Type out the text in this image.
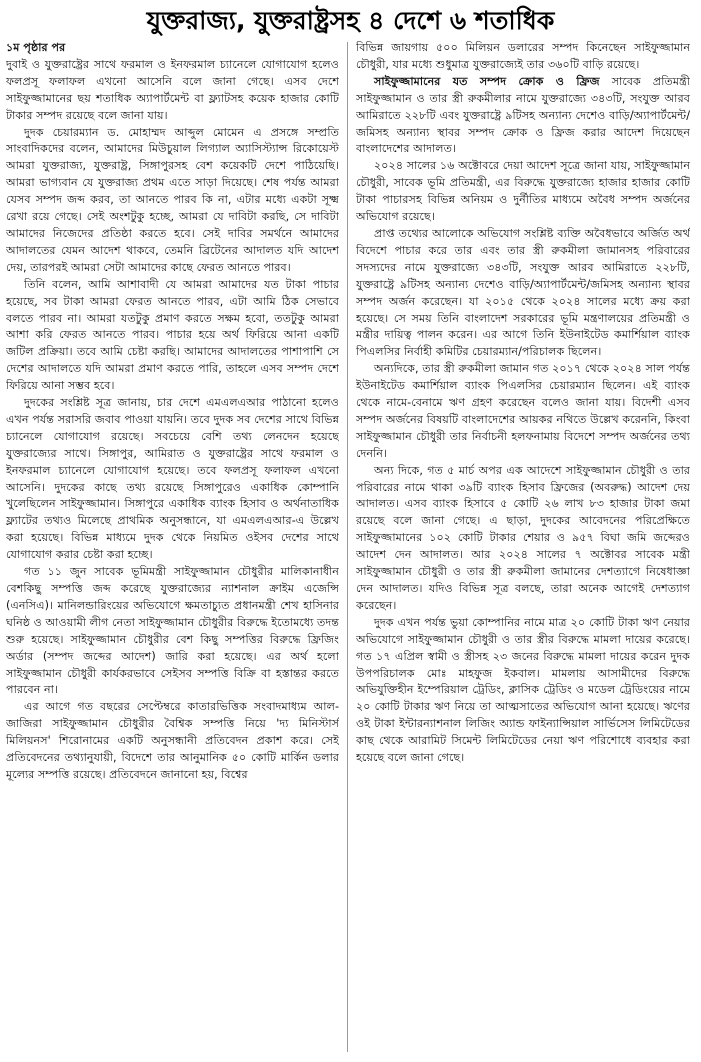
যুক্তরাজ্য, যুক্তরাষ্ট্রসহ ৪ দেশে ৬ শতাধিক

১ম পৃষ্ঠার পর

দুবাই ও যুক্তরাষ্ট্রের সাথে ফরমাল ও ইনফরমাল চ্যানেলে যোগাযোগ হলেও ফলপ্রসূ ফলাফল এখনো আসেনি বলে জানা গেছে। এসব দেশে সাইফুজ্জামানের ছয় শতাধিক অ্যাপার্টমেন্ট বা ফ্ল্যাটসহ কয়েক হাজার কোটি টাকার সম্পদ রয়েছে বলে জানা যায়।

দুদক চেয়ারম্যান ড. মোহাম্মদ আব্দুল মোমেন এ প্রসঙ্গে সম্প্রতি সাংবাদিকদের বলেন, আমাদের মিউচুয়াল লিগ্যাল অ্যাসিস্ট্যান্স রিকোয়েস্ট আমরা যুক্তরাজ্য, যুক্তরাষ্ট্র, সিঙ্গাপুরসহ বেশ কয়েকটি দেশে পাঠিয়েছি। আমরা ভাগ্যবান যে যুক্তরাজ্য প্রথম এতে সাড়া দিয়েছে। শেষ পর্যন্ত আমরা যেসব সম্পদ জব্দ করব, তা আনতে পারব কি না, এটার মধ্যে একটা সূক্ষ্ম রেখা রয়ে গেছে। সেই অংশটুকু হচ্ছে, আমরা যে দাবিটা করছি, সে দাবিটা আমাদের নিজেদের প্রতিষ্ঠা করতে হবে। সেই দাবির সমর্থনে আমাদের আদালতের যেমন আদেশ থাকবে, তেমনি ব্রিটেনের আদালত যদি আদেশ দেয়, তারপরই আমরা সেটা আমাদের কাছে ফেরত আনতে পারব।

তিনি বলেন, আমি আশাবাদী যে আমরা আমাদের যত টাকা পাচার হয়েছে, সব টাকা আমরা ফেরত আনতে পারব, এটা আমি ঠিক সেভাবে বলতে পারব না। আমরা যতটুকু প্রমাণ করতে সক্ষম হবো, ততটুকু আমরা আশা করি ফেরত আনতে পারব। পাচার হয়ে অর্থ ফিরিয়ে আনা একটি জটিল প্রক্রিয়া। তবে আমি চেষ্টা করছি। আমাদের আদালতের পাশাপাশি সে দেশের আদালতে যদি আমরা প্রমাণ করতে পারি, তাহলে এসব সম্পদ দেশে ফিরিয়ে আনা সম্ভব হবে।

দুদকের সংশ্লিষ্ট সূত্র জানায়, চার দেশে এমএলএআর পাঠানো হলেও এখন পর্যন্ত সরাসরি জবাব পাওয়া যায়নি। তবে দুদক সব দেশের সাথে বিভিন্ন চ্যানেলে যোগাযোগ রয়েছে। সবচেয়ে বেশি তথ্য লেনদেন হয়েছে যুক্তরাজ্যের সাথে। সিঙ্গাপুর, আমিরাত ও যুক্তরাষ্ট্রের সাথে ফরমাল ও ইনফরমাল চ্যানেলে যোগাযোগ হয়েছে। তবে ফলপ্রসূ ফলাফল এখনো আসেনি। দুদকের কাছে তথ্য রয়েছে সিঙ্গাপুরেও একাধিক কোম্পানি খুলেছিলেন সাইফুজ্জামান। সিঙ্গাপুরে একাধিক ব্যাংক হিসাব ও অর্থনাতাধিক ফ্ল্যাটের তথ্যও মিলেছে প্রাথমিক অনুসন্ধানে, যা এমএলএআর-এ উল্লেখ করা হয়েছে। বিভিন্ন মাধ্যমে দুদক থেকে নিয়মিত ওইসব দেশের সাথে যোগাযোগ করার চেষ্টা করা হচ্ছে।

গত ১১ জুন সাবেক ভূমিমন্ত্রী সাইফুজ্জামান চৌধুরীর মালিকানাধীন বেশকিছু সম্পত্তি জব্দ করেছে যুক্তরাজ্যের ন্যাশনাল ক্রাইম এজেন্সি (এনসিএ)। মানিলন্ডারিংয়ের অভিযোগে ক্ষমতাচ্যুত প্রধানমন্ত্রী শেখ হাসিনার ঘনিষ্ঠ ও আওয়ামী লীগ নেতা সাইফুজ্জামান চৌধুরীর বিরুদ্ধে ইতোমধ্যে তদন্ত শুরু হয়েছে। সাইফুজ্জামান চৌধুরীর বেশ কিছু সম্পত্তির বিরুদ্ধে ফ্রিজিং অর্ডার (সম্পদ জব্দের আদেশ) জারি করা হয়েছে। এর অর্থ হলো সাইফুজ্জামান চৌধুরী কার্যকরভাবে সেইসব সম্পত্তি বিক্রি বা হস্তান্তর করতে পারবেন না।

এর আগে গত বছরের সেপ্টেম্বরে কাতারভিত্তিক সংবাদমাধ্যম আল-জাজিরা সাইফুজ্জামান চৌধুরীর বৈশ্বিক সম্পত্তি নিয়ে 'দ্য মিনিস্টার্স মিলিয়নস' শিরোনামের একটি অনুসন্ধানী প্রতিবেদন প্রকাশ করে। সেই প্রতিবেদনের তথ্যানুযায়ী, বিদেশে তার আনুমানিক ৫০ কোটি মার্কিন ডলার মূল্যের সম্পত্তি রয়েছে। প্রতিবেদনে জানানো হয়, বিশ্বের

বিভিন্ন জায়গায় ৫০০ মিলিয়ন ডলারের সম্পদ কিনেছেন সাইফুজ্জামান চৌধুরী, যার মধ্যে শুধুমাত্র যুক্তরাজ্যেই তার ৩৬০টি বাড়ি রয়েছে।

সাইফুজ্জামানের যত সম্পদ ক্রোক ও ফ্রিজ সাবেক প্রতিমন্ত্রী সাইফুজ্জামান ও তার স্ত্রী রুকমীলার নামে যুক্তরাজ্যে ৩৪৩টি, সংযুক্ত আরব আমিরাতে ২২৮টি এবং যুক্তরাষ্ট্রে ৯টিসহ অন্যান্য দেশেও বাড়ি/অ্যাপার্টমেন্ট/ জমিসহ অন্যান্য স্থাবর সম্পদ ক্রোক ও ফ্রিজ করার আদেশ দিয়েছেন বাংলাদেশের আদালত।

২০২৪ সালের ১৬ অক্টোবরে দেয়া আদেশ সূত্রে জানা যায়, সাইফুজ্জামান চৌধুরী, সাবেক ভূমি প্রতিমন্ত্রী, এর বিরুদ্ধে যুক্তরাজ্যে হাজার হাজার কোটি টাকা পাচারসহ বিভিন্ন অনিয়ম ও দুর্নীতির মাধ্যমে অবৈধ সম্পদ অর্জনের অভিযোগ রয়েছে।

প্রাপ্ত তথ্যের আলোকে অভিযোগ সংশ্লিষ্ট ব্যক্তি অবৈধভাবে অর্জিত অর্থ বিদেশে পাচার করে তার এবং তার স্ত্রী রুকমীলা জামানসহ পরিবারের সদস্যদের নামে যুক্তরাজ্যে ৩৪৩টি, সংযুক্ত আরব আমিরাতে ২২৮টি, যুক্তরাষ্ট্রে ৯টিসহ অন্যান্য দেশেও বাড়ি/অ্যাপার্টমেন্ট/জমিসহ অন্যান্য স্থাবর সম্পদ অর্জন করেছেন। যা ২০১৫ থেকে ২০২৪ সালের মধ্যে ক্রয় করা হয়েছে। সে সময় তিনি বাংলাদেশ সরকারের ভূমি মন্ত্রণালয়ের প্রতিমন্ত্রী ও মন্ত্রীর দায়িত্ব পালন করেন। এর আগে তিনি ইউনাইটেড কমার্শিয়াল ব্যাংক পিএলসির নির্বাহী কমিটির চেয়ারম্যান/পরিচালক ছিলেন।

অন্যদিকে, তার স্ত্রী রুকমীলা জামান গত ২০১৭ থেকে ২০২৪ সাল পর্যন্ত ইউনাইটেড কমার্শিয়াল ব্যাংক পিএলসির চেয়ারম্যান ছিলেন। এই ব্যাংক থেকে নামে-বেনামে ঋণ গ্রহণ করেছেন বলেও জানা যায়। বিদেশী এসব সম্পদ অর্জনের বিষয়টি বাংলাদেশের আয়কর নথিতে উল্লেখ করেননি, কিংবা সাইফুজ্জামান চৌধুরী তার নির্বাচনী হলফনামায় বিদেশে সম্পদ অর্জনের তথ্য দেননি।

অন্য দিকে, গত ৫ মার্চ অপর এক আদেশে সাইফুজ্জামান চৌধুরী ও তার পরিবারের নামে থাকা ৩৯টি ব্যাংক হিসাব ফ্রিজের (অবরুদ্ধ) আদেশ দেয় আদালত। এসব ব্যাংক হিসাবে ৫ কোটি ২৬ লাখ ৮৩ হাজার টাকা জমা রয়েছে বলে জানা গেছে। এ ছাড়া, দুদকের আবেদনের পরিপ্রেক্ষিতে সাইফুজ্জামানের ১০২ কোটি টাকার শেয়ার ও ৯৫৭ বিঘা জমি জব্দেরও আদেশ দেন আদালত। আর ২০২৪ সালের ৭ অক্টোবর সাবেক মন্ত্রী সাইফুজ্জামান চৌধুরী ও তার স্ত্রী রুকমীলা জামানের দেশত্যাগে নিষেধাজ্ঞা দেন আদালত। যদিও বিভিন্ন সূত্র বলছে, তারা অনেক আগেই দেশত্যাগ করেছেন।

দুদক এখন পর্যন্ত ভুয়া কোম্পানির নামে মাত্র ২০ কোটি টাকা ঋণ নেয়ার অভিযোগে সাইফুজ্জামান চৌধুরী ও তার স্ত্রীর বিরুদ্ধে মামলা দায়ের করেছে। গত ১৭ এপ্রিল স্বামী ও স্ত্রীসহ ২৩ জনের বিরুদ্ধে মামলা দায়ের করেন দুদক উপপরিচালক মোঃ মাহফুজ ইকবাল। মামলায় আসামীদের বিরুদ্ধে অভিযুক্তিহীন ইম্পেরিয়াল ট্রেডিং, ক্লাসিক ট্রেডিং ও মডেল ট্রেডিংয়ের নামে ২০ কোটি টাকার ঋণ নিয়ে তা আত্মসাতের অভিযোগ আনা হয়েছে। ঋণের ওই টাকা ইন্টারন্যাশনাল লিজিং অ্যান্ড ফাইন্যান্সিয়াল সার্ভিসেস লিমিটেডের কাছ থেকে আরামিট সিমেন্ট লিমিটেডের নেয়া ঋণ পরিশোধে ব্যবহার করা হয়েছে বলে জানা গেছে।
